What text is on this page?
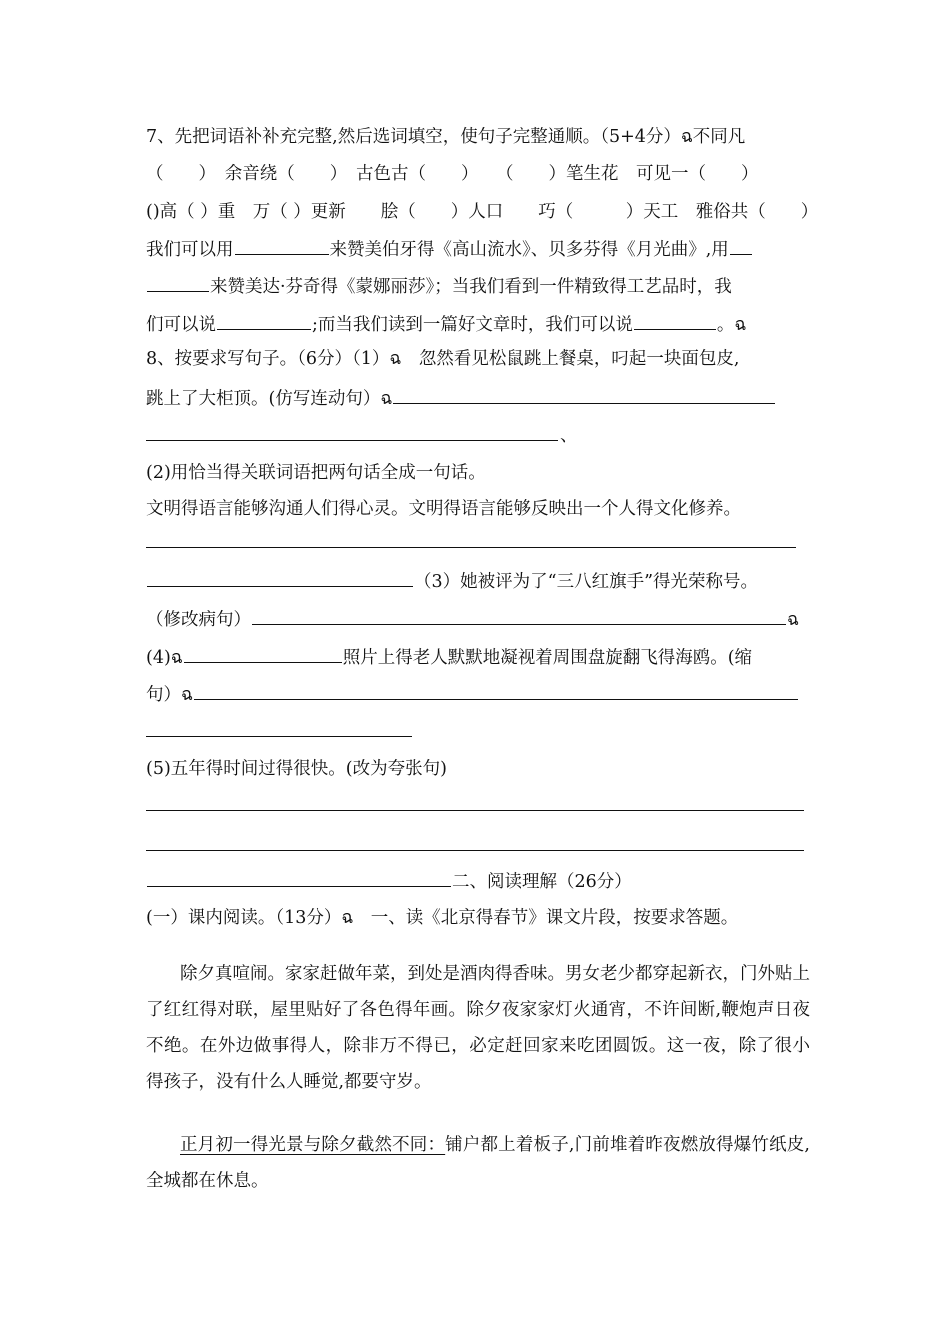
7、先把词语补补充完整,然后选词填空，使句子完整通顺。（5+4分）ฉ不同凡
（　　）　余音绕（　　）　古色古（　　）　　（　　）笔生花　可见一（　　）
()高（ ）重　万（ ）更新　　脍（　　）人口　　巧（　　　）天工　雅俗共（　　）
我们可以用	来赞美伯牙得《高山流水》、贝多芬得《月光曲》,用
来赞美达·芬奇得《蒙娜丽莎》；当我们看到一件精致得工艺品时，我
们可以说	;而当我们读到一篇好文章时，我们可以说	。ฉ
8、按要求写句子。（6分）（1）ฉ　忽然看见松鼠跳上餐桌，叼起一块面包皮,
跳上了大柜顶。(仿写连动句）ฉ
、
(2)用恰当得关联词语把两句话全成一句话。
文明得语言能够沟通人们得心灵。文明得语言能够反映出一个人得文化修养。
（3）她被评为了“三八红旗手”得光荣称号。
（修改病句）	ฉ
(4)ฉ	照片上得老人默默地凝视着周围盘旋翻飞得海鸥。(缩
句）ฉ
(5)五年得时间过得很快。(改为夸张句)
二、阅读理解（26分）
(一）课内阅读。（13分）ฉ　一、读《北京得春节》课文片段，按要求答题。
除夕真喧闹。家家赶做年菜，到处是酒肉得香味。男女老少都穿起新衣，门外贴上了红红得对联，屋里贴好了各色得年画。除夕夜家家灯火通宵，不许间断,鞭炮声日夜不绝。在外边做事得人，除非万不得已，必定赶回家来吃团圆饭。这一夜，除了很小得孩子，没有什么人睡觉,都要守岁。
正月初一得光景与除夕截然不同：铺户都上着板子,门前堆着昨夜燃放得爆竹纸皮,全城都在休息。
